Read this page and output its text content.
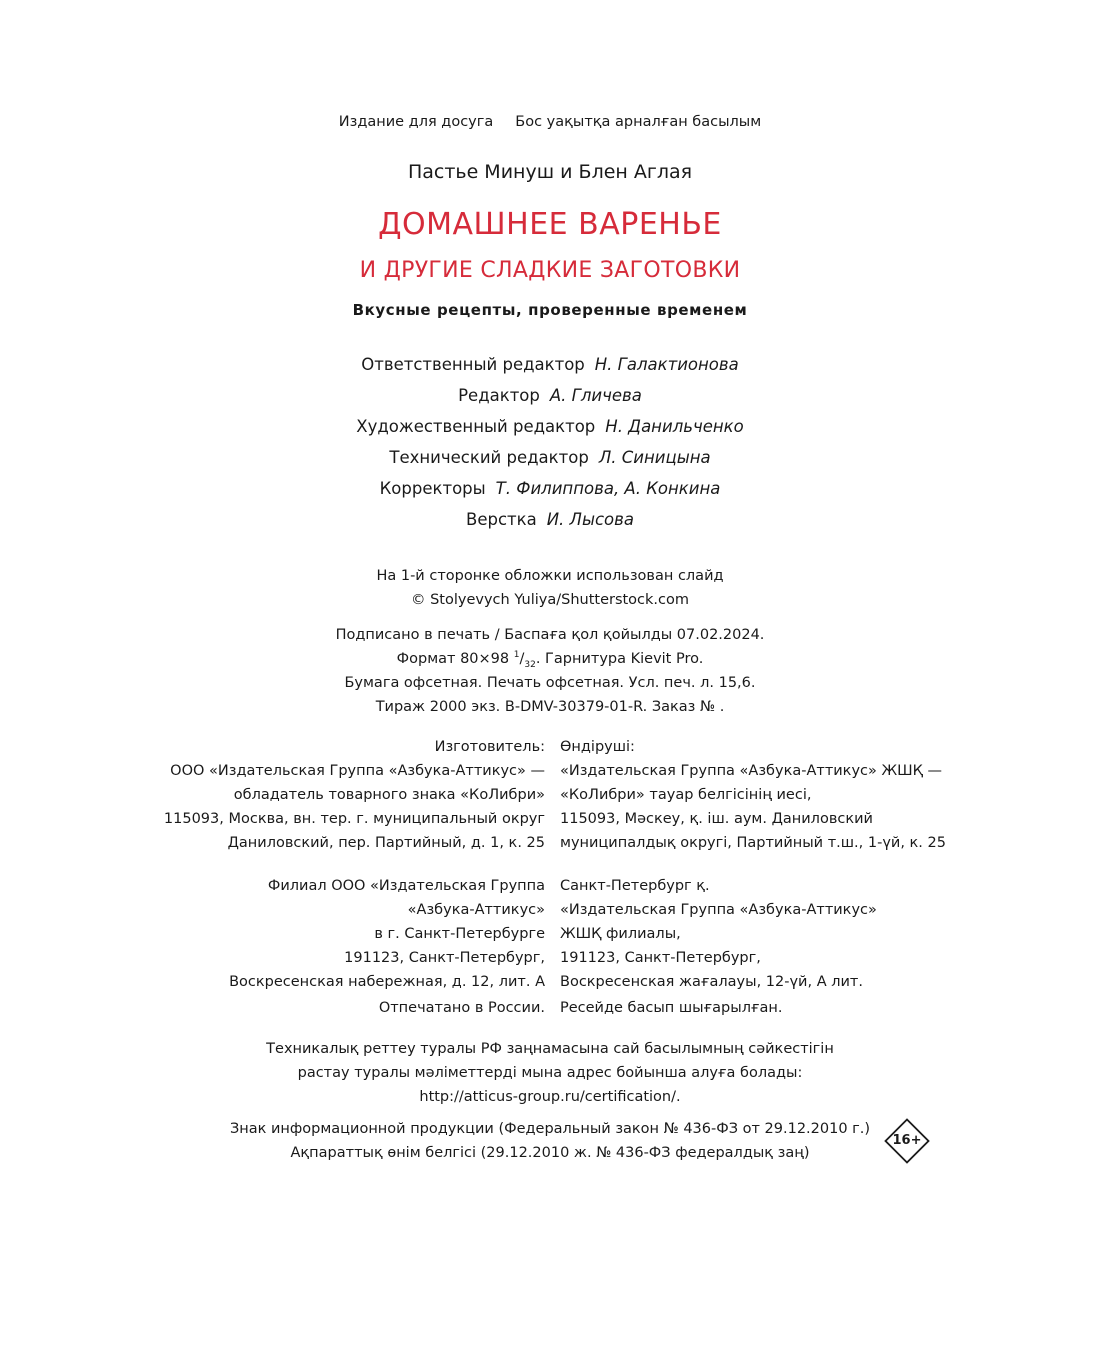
Издание для досуга Бос уақытқа арналған басылым
Пастье Минуш и Блен Аглая
ДОМАШНЕЕ ВАРЕНЬЕ
И ДРУГИЕ СЛАДКИЕ ЗАГОТОВКИ
Вкусные рецепты, проверенные временем
Ответственный редактор Н. Галактионова
Редактор А. Гличева
Художественный редактор Н. Данильченко
Технический редактор Л. Синицына
Корректоры Т. Филиппова, А. Конкина
Верстка И. Лысова
На 1-й сторонке обложки использован слайд
© Stolyevych Yuliya/Shutterstock.com
Подписано в печать / Баспаға қол қойылды 07.02.2024.
Формат 80×98 $^1/_{32}$. Гарнитура Kievit Pro.
Бумага офсетная. Печать офсетная. Усл. печ. л. 15,6.
Тираж 2000 экз. B-DMV-30379-01-R. Заказ № .
Изготовитель:
ООО «Издательская Группа «Азбука-Аттикус» —
обладатель товарного знака «КоЛибри»
115093, Москва, вн. тер. г. муниципальный округ
Даниловский, пер. Партийный, д. 1, к. 25
Өндіруші:
«Издательская Группа «Азбука-Аттикус» ЖШҚ —
«КоЛибри» тауар белгісінің иесі,
115093, Мәскеу, қ. іш. аум. Даниловский
муниципалдық округі, Партийный т.ш., 1-үй, к. 25
Филиал ООО «Издательская Группа
«Азбука-Аттикус»
в г. Санкт-Петербурге
191123, Санкт-Петербург,
Воскресенская набережная, д. 12, лит. А
Санкт-Петербург қ.
«Издательская Группа «Азбука-Аттикус»
ЖШҚ филиалы,
191123, Санкт-Петербург,
Воскресенская жағалауы, 12-үй, А лит.
Отпечатано в России. Ресейде басып шығарылған.
Техникалық реттеу туралы РФ заңнамасына сай басылымның сәйкестігін
растау туралы мәліметтерді мына адрес бойынша алуға болады:
http://atticus-group.ru/certification/.
Знак информационной продукции (Федеральный закон № 436-ФЗ от 29.12.2010 г.)
Ақпараттық өнім белгісі (29.12.2010 ж. № 436-ФЗ федералдық заң)
16+
